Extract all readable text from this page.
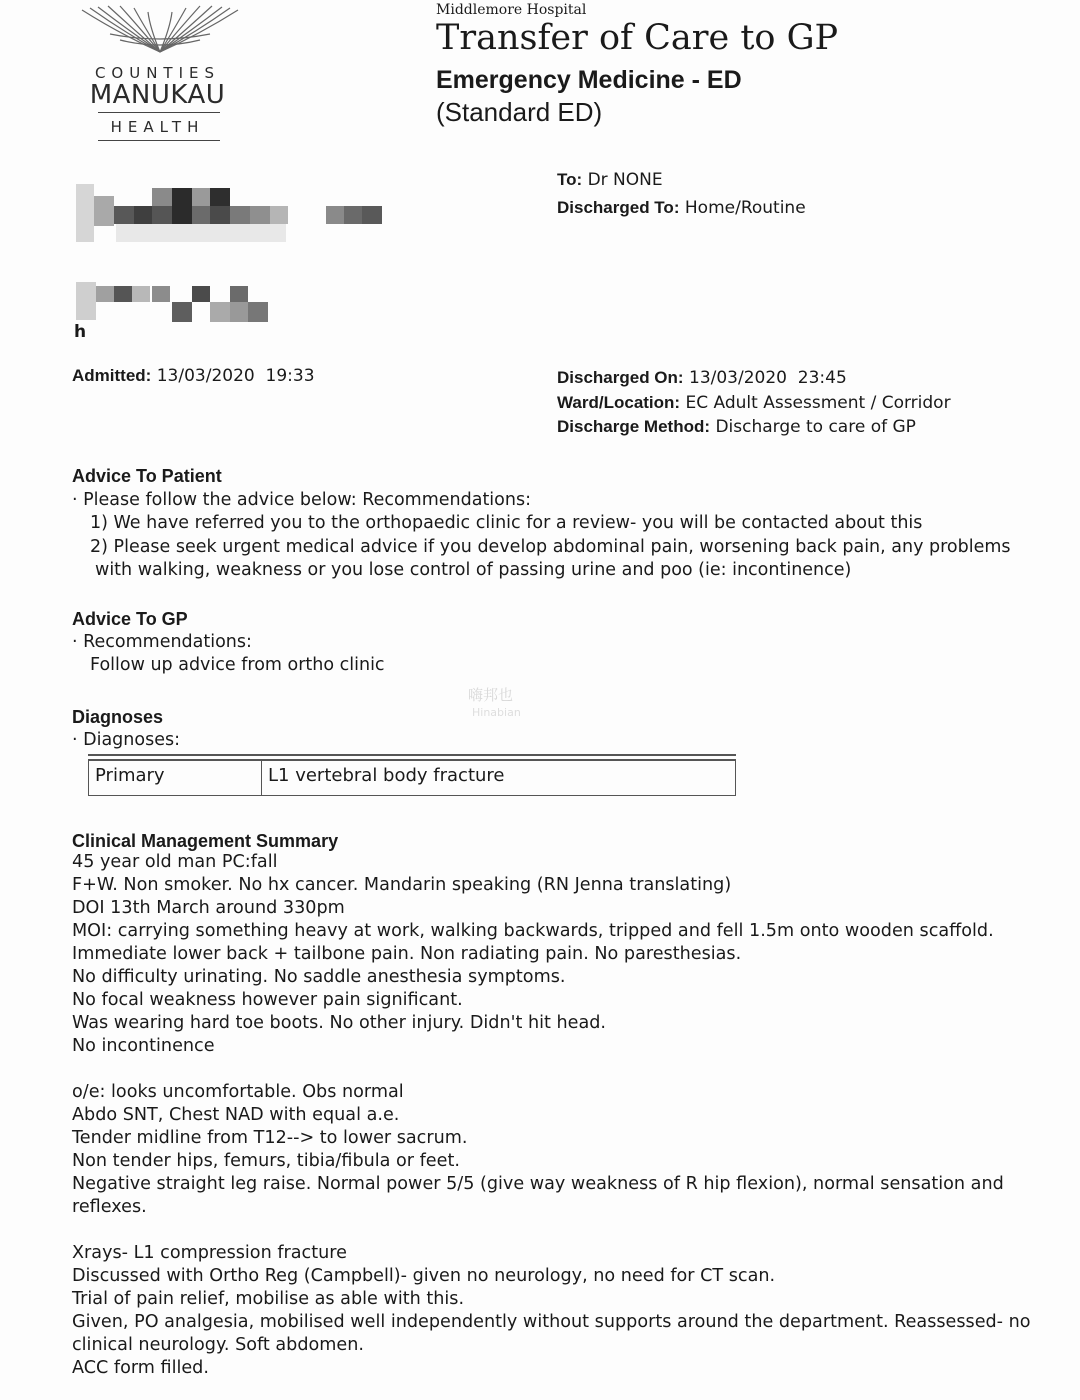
COUNTIES
MANUKAU
HEALTH
Middlemore Hospital
Transfer of Care to GP
Emergency Medicine - ED
(Standard ED)
To: Dr NONE
Discharged To: Home/Routine
h
Admitted: 13/03/2020  19:33	Discharged On: 13/03/2020  23:45
Ward/Location: EC Adult Assessment / Corridor
Discharge Method: Discharge to care of GP
Advice To Patient
· Please follow the advice below: Recommendations:
1) We have referred you to the orthopaedic clinic for a review- you will be contacted about this
2) Please seek urgent medical advice if you develop abdominal pain, worsening back pain, any problems
with walking, weakness or you lose control of passing urine and poo (ie: incontinence)
Advice To GP
· Recommendations:
Follow up advice from ortho clinic
嗨邦也
Hinabian
Diagnoses
· Diagnoses:
Primary	L1 vertebral body fracture
Clinical Management Summary
45 year old man PC:fall
F+W. Non smoker. No hx cancer. Mandarin speaking (RN Jenna translating)
DOI 13th March around 330pm
MOI: carrying something heavy at work, walking backwards, tripped and fell 1.5m onto wooden scaffold.
Immediate lower back + tailbone pain. Non radiating pain. No paresthesias.
No difficulty urinating. No saddle anesthesia symptoms.
No focal weakness however pain significant.
Was wearing hard toe boots. No other injury. Didn't hit head.
No incontinence
o/e: looks uncomfortable. Obs normal
Abdo SNT, Chest NAD with equal a.e.
Tender midline from T12--> to lower sacrum.
Non tender hips, femurs, tibia/fibula or feet.
Negative straight leg raise. Normal power 5/5 (give way weakness of R hip flexion), normal sensation and
reflexes.
Xrays- L1 compression fracture
Discussed with Ortho Reg (Campbell)- given no neurology, no need for CT scan.
Trial of pain relief, mobilise as able with this.
Given, PO analgesia, mobilised well independently without supports around the department. Reassessed- no
clinical neurology. Soft abdomen.
ACC form filled.
